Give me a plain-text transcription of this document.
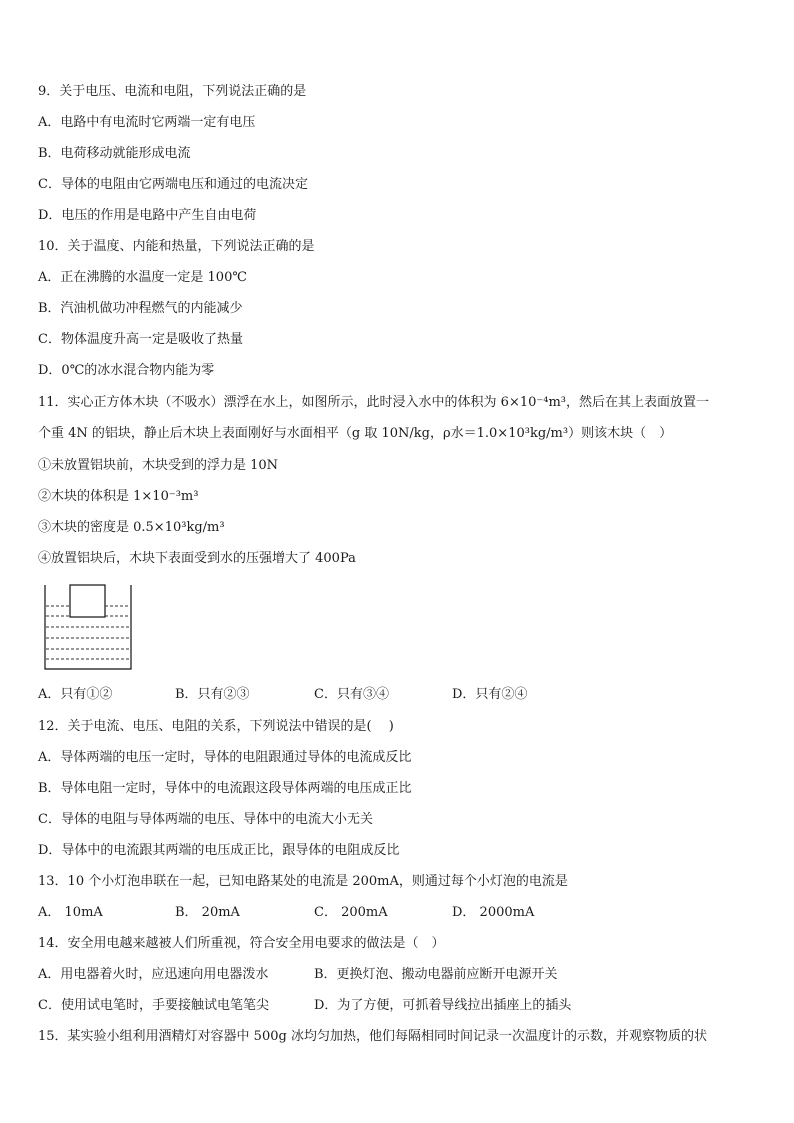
9．关于电压、电流和电阻，下列说法正确的是
A．电路中有电流时它两端一定有电压
B．电荷移动就能形成电流
C．导体的电阻由它两端电压和通过的电流决定
D．电压的作用是电路中产生自由电荷
10．关于温度、内能和热量，下列说法正确的是
A．正在沸腾的水温度一定是 100℃
B．汽油机做功冲程燃气的内能减少
C．物体温度升高一定是吸收了热量
D．0℃的冰水混合物内能为零
11．实心正方体木块（不吸水）漂浮在水上，如图所示，此时浸入水中的体积为 6×10⁻⁴m³，然后在其上表面放置一
个重 4N 的铝块，静止后木块上表面刚好与水面相平（g 取 10N/kg，ρ水＝1.0×10³kg/m³）则该木块（　）
①未放置铝块前，木块受到的浮力是 10N
②木块的体积是 1×10⁻³m³
③木块的密度是 0.5×10³kg/m³
④放置铝块后，木块下表面受到水的压强增大了 400Pa
A．只有①②	B．只有②③	C．只有③④	D．只有②④
12．关于电流、电压、电阻的关系，下列说法中错误的是(　 )
A．导体两端的电压一定时，导体的电阻跟通过导体的电流成反比
B．导体电阻一定时，导体中的电流跟这段导体两端的电压成正比
C．导体的电阻与导体两端的电压、导体中的电流大小无关
D．导体中的电流跟其两端的电压成正比，跟导体的电阻成反比
13．10 个小灯泡串联在一起，已知电路某处的电流是 200mA，则通过每个小灯泡的电流是
A． 10mA	B． 20mA	C． 200mA	D． 2000mA
14．安全用电越来越被人们所重视，符合安全用电要求的做法是（　）
A．用电器着火时，应迅速向用电器泼水	B．更换灯泡、搬动电器前应断开电源开关
C．使用试电笔时，手要接触试电笔笔尖	D．为了方便，可抓着导线拉出插座上的插头
15．某实验小组利用酒精灯对容器中 500g 冰均匀加热，他们每隔相同时间记录一次温度计的示数，并观察物质的状
